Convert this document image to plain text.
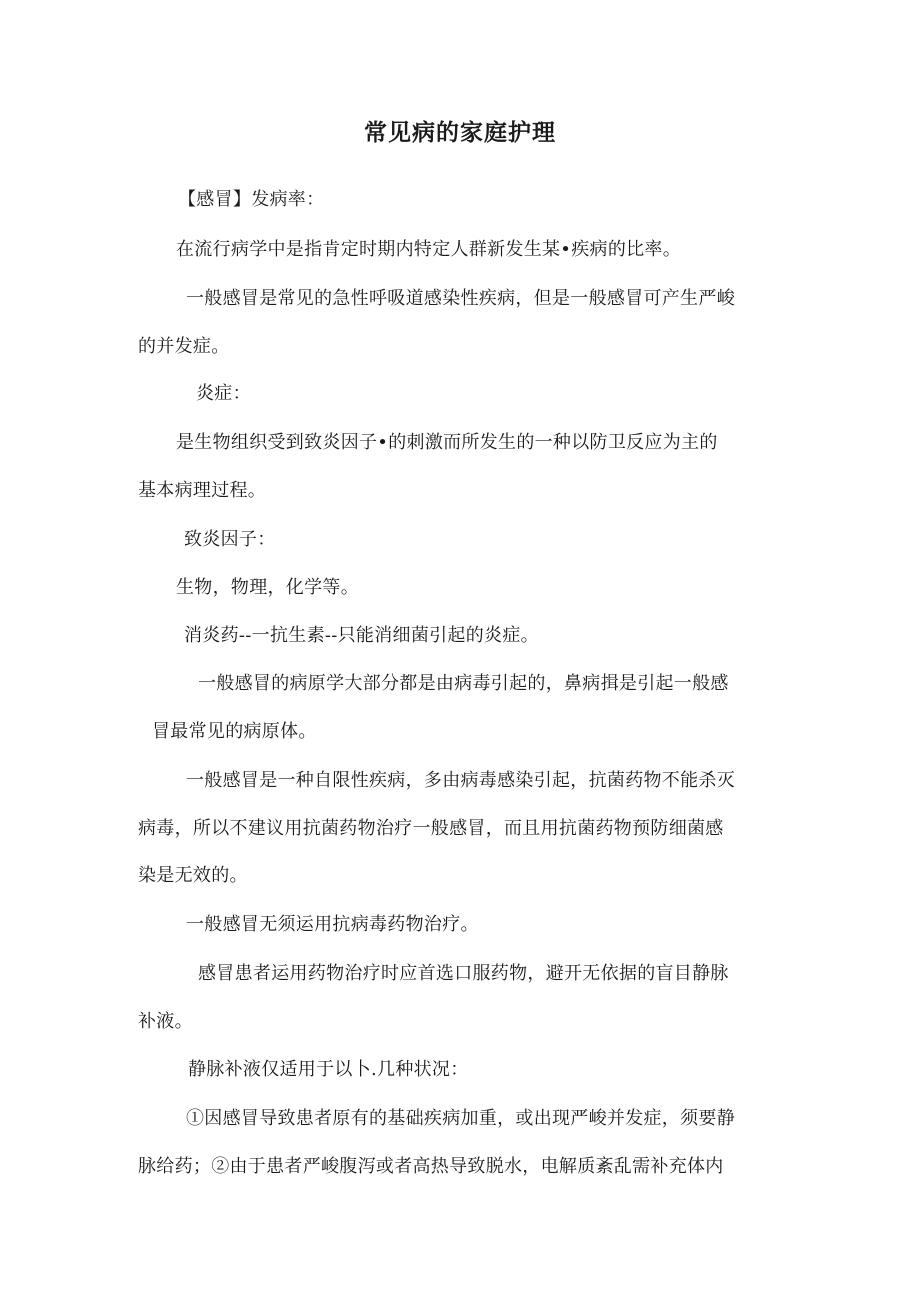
常见病的家庭护理
【感冒】发病率：
在流行病学中是指肯定时期内特定人群新发生某•疾病的比率。
一般感冒是常见的急性呼吸道感染性疾病，但是一般感冒可产生严峻
的并发症。
炎症：
是生物组织受到致炎因子•的刺激而所发生的一种以防卫反应为主的
基本病理过程。
致炎因子：
生物，物理，化学等。
消炎药--一抗生素--只能消细菌引起的炎症。
一般感冒的病原学大部分都是由病毒引起的，鼻病揖是引起一般感
冒最常见的病原体。
一般感冒是一种自限性疾病，多由病毒感染引起，抗菌药物不能杀灭
病毒，所以不建议用抗菌药物治疗一般感冒，而且用抗菌药物预防细菌感
染是无效的。
一般感冒无须运用抗病毒药物治疗。
感冒患者运用药物治疗时应首选口服药物，避开无依据的盲目静脉
补液。
静脉补液仅适用于以卜.几种状况：
①因感冒导致患者原有的基础疾病加重，或出现严峻并发症，须要静
脉给药；②由于患者严峻腹泻或者高热导致脱水，电解质紊乱需补充体内
